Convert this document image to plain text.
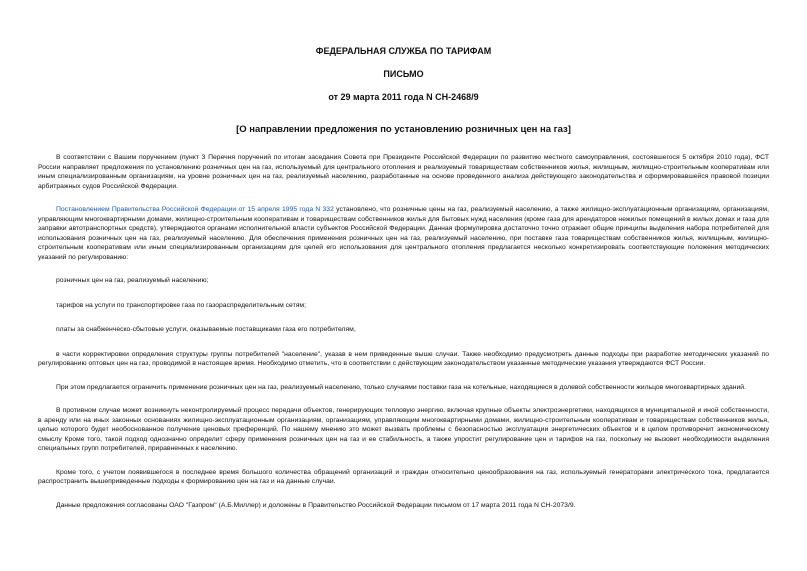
ФЕДЕРАЛЬНАЯ СЛУЖБА ПО ТАРИФАМ
ПИСЬМО
от 29 марта 2011 года N СН-2468/9
[О направлении предложения по установлению розничных цен на газ]

В соответствии с Вашим поручением (пункт 3 Перечня поручений по итогам заседания Совета при Президенте Российской Федерации по развитию местного самоуправления, состоявшегося 5 октября 2010 года), ФСТ России направляет предложения по установлению розничных цен на газ, используемый для центрального отопления и реализуемый товариществам собственников жилья, жилищным, жилищно-строительным кооперативам или иным специализированным организациям, на уровне розничных цен на газ, реализуемый населению, разработанные на основе проведенного анализа действующего законодательства и сформировавшейся правовой позиции арбитражных судов Российской Федерации.

Постановлением Правительства Российской Федерации от 15 апреля 1995 года N 332 установлено, что розничные цены на газ, реализуемый населению, а также жилищно-эксплуатационным организациям, организациям, управляющим многоквартирными домами, жилищно-строительным кооперативам и товариществам собственников жилья для бытовых нужд населения (кроме газа для арендаторов нежилых помещений в жилых домах и газа для заправки автотранспортных средств), утверждаются органами исполнительной власти субъектов Российской Федерации. Данная формулировка достаточно точно отражает общие принципы выделения набора потребителей для использования розничных цен на газ, реализуемый населению. Для обеспечения применения розничных цен на газ, реализуемый населению, при поставке газа товариществам собственников жилья, жилищным, жилищно-строительным кооперативам или иным специализированным организациям для целей его использования для центрального отопления предлагается несколько конкретизировать соответствующие положения методических указаний по регулированию:

розничных цен на газ, реализуемый населению;

тарифов на услуги по транспортировке газа по газораспределительным сетям;

платы за снабженческо-сбытовые услуги, оказываемые поставщиками газа его потребителям,

в части корректировки определения структуры группы потребителей "население", указав в нем приведенные выше случаи. Также необходимо предусмотреть данные подходы при разработке методических указаний по регулированию оптовых цен на газ, проводимой в настоящее время. Необходимо отметить, что в соответствии с действующим законодательством указанные методические указания утверждаются ФСТ России.

При этом предлагается ограничить применение розничных цен на газ, реализуемый населению, только случаями поставки газа на котельные, находящиеся в долевой собственности жильцов многоквартирных зданий.

В противном случае может возникнуть неконтролируемый процесс передачи объектов, генерирующих тепловую энергию, включая крупные объекты электроэнергетики, находящихся в муниципальной и иной собственности, в аренду или на иных законных основаниях жилищно-эксплуатационным организациям, организациям, управляющим многоквартирными домами, жилищно-строительным кооперативам и товариществам собственников жилья, целью которого будет необоснованное получение ценовых преференций. По нашему мнению это может вызвать проблемы с безопасностью эксплуатации энергетических объектов и в целом противоречит экономическому смыслу Кроме того, такой подход однозначно определит сферу применения розничных цен на газ и ее стабильность, а также упростит регулирование цен и тарифов на газ, поскольку не вызовет необходимости выделения специальных групп потребителей, приравненных к населению.

Кроме того, с учетом появившегося в последнее время большого количества обращений организаций и граждан относительно ценообразования на газ, используемый генераторами электрического тока, предлагается распространить вышеприведенные подходы к формированию цен на газ и на данные случаи.

Данные предложения согласованы ОАО "Газпром" (А.Б.Миллер) и доложены в Правительство Российской Федерации письмом от 17 марта 2011 года N СН-2073/9.
